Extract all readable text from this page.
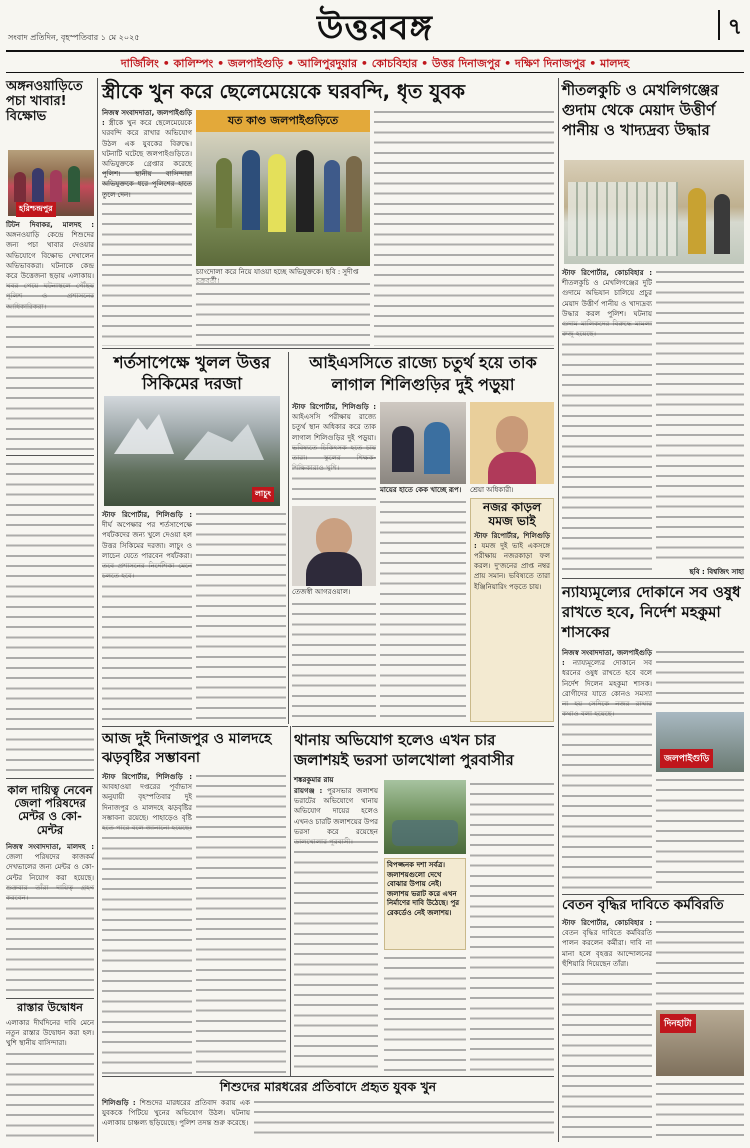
সংবাদ প্রতিদিন, বৃহস্পতিবার ১ মে ২০২৫	উত্তরবঙ্গ	৭
দার্জিলিং • কালিম্পং • জলপাইগুড়ি • আলিপুরদুয়ার • কোচবিহার • উত্তর দিনাজপুর • দক্ষিণ দিনাজপুর • মালদহ
অঙ্গনওয়াড়িতে পচা খাবার! বিক্ষোভ
হরিশ্চন্দ্রপুর
টিটন দিবাকর, মালদহ : অঙ্গনওয়াড়ি কেন্দ্রে শিশুদের জন্য পচা খাবার দেওয়ার অভিযোগে বিক্ষোভ দেখালেন অভিভাবকরা। ঘটনাকে কেন্দ্র করে উত্তেজনা ছড়ায় এলাকায়।
কাল দায়িত্ব নেবেন জেলা পরিষদের মেন্টর ও কো-মেন্টর
নিজস্ব সংবাদদাতা, মালদহ : জেলা পরিষদের কাজকর্ম দেখভালের জন্য মেন্টর ও কো-মেন্টর নিয়োগ করা হয়েছে।
রাস্তার উদ্বোধন
এলাকার দীর্ঘদিনের দাবি মেনে নতুন রাস্তার উদ্বোধন করা হল। খুশি স্থানীয় বাসিন্দারা।
স্ত্রীকে খুন করে ছেলেমেয়েকে ঘরবন্দি, ধৃত যুবক
নিজস্ব সংবাদদাতা, জলপাইগুড়ি : স্ত্রীকে খুন করে ছেলেমেয়েকে ঘরবন্দি করে রাখার অভিযোগ উঠল এক যুবকের বিরুদ্ধে। ঘটনাটি ঘটেছে জলপাইগুড়িতে। অভিযুক্তকে গ্রেপ্তার করেছে পুলিশ। স্থানীয় বাসিন্দারা অভিযুক্তকে ধরে পুলিশের হাতে তুলে দেন।
যত কাণ্ড জলপাইগুড়িতে
চ্যাংদোলা করে নিয়ে যাওয়া হচ্ছে অভিযুক্তকে। ছবি : সুদীপ্ত
শর্তসাপেক্ষে খুলল উত্তর সিকিমের দরজা
লাচুং
স্টাফ রিপোর্টার, শিলিগুড়ি : দীর্ঘ অপেক্ষার পর শর্তসাপেক্ষে পর্যটকদের জন্য খুলে দেওয়া হল উত্তর সিকিমের দরজা। লাচুং ও লাচেন যেতে পারবেন পর্যটকরা।
আইএসসিতে রাজ্যে চতুর্থ হয়ে তাক লাগাল শিলিগুড়ির দুই পড়ুয়া
স্টাফ রিপোর্টার, শিলিগুড়ি : আইএসসি পরীক্ষায় রাজ্যে চতুর্থ স্থান অধিকার করে তাক লাগাল শিলিগুড়ির দুই পড়ুয়া।
মায়ের হাতে কেক খাচ্ছে রূপ।	শ্রেয়া অধিকারী।
তেজস্বী আগরওয়াল।
নজর কাড়ল যমজ ভাই
স্টাফ রিপোর্টার, শিলিগুড়ি : যমজ দুই ভাই একসঙ্গে পরীক্ষায় নজরকাড়া ফল করল। দু'জনের প্রাপ্ত নম্বর প্রায় সমান। ভবিষ্যতে তারা ইঞ্জিনিয়ারিং পড়তে চায়।
আজ দুই দিনাজপুর ও মালদহে ঝড়বৃষ্টির সম্ভাবনা
স্টাফ রিপোর্টার, শিলিগুড়ি : আবহাওয়া দপ্তরের পূর্বাভাস অনুযায়ী বৃহস্পতিবার দুই দিনাজপুর ও মালদহে ঝড়বৃষ্টির সম্ভাবনা রয়েছে। পাহাড়েও বৃষ্টি
থানায় অভিযোগ হলেও এখন চার জলাশয়ই ভরসা ডালখোলা পুরবাসীর
শঙ্করকুমার রায়
রায়গঞ্জ : পুরসভার জলাশয় ভরাটের অভিযোগে থানায় অভিযোগ দায়ের হলেও এখনও চারটি জলাশয়ের উপর ভরসা করে রয়েছেন
বিপজ্জনক দশা সর্বত্র। জলাশয়গুলো দেখে বোঝার উপায় নেই। জলাশয় ভরাট করে এখন নির্মাণের দাবি উঠেছে। পুর রেকর্ডেও নেই জলাশয়।
শিশুদের মারধরের প্রতিবাদে প্রহৃত যুবক খুন
শিলিগুড়ি : শিশুদের মারধরের প্রতিবাদ করায় এক যুবককে পিটিয়ে খুনের অভিযোগ উঠল। ঘটনায় এলাকায় চাঞ্চল্য ছড়িয়েছে। পুলিশ তদন্ত শুরু করেছে।
শীতলকুচি ও মেখলিগঞ্জের গুদাম থেকে মেয়াদ উত্তীর্ণ পানীয় ও খাদ্যদ্রব্য উদ্ধার
স্টাফ রিপোর্টার, কোচবিহার : শীতলকুচি ও মেখলিগঞ্জের দুটি গুদামে অভিযান চালিয়ে প্রচুর মেয়াদ উত্তীর্ণ পানীয় ও খাদ্যদ্রব্য উদ্ধার করল পুলিশ। ঘটনায়
ছবি : বিশ্বজিৎ সাহা
ন্যায্যমূল্যের দোকানে সব ওষুধ রাখতে হবে, নির্দেশ মহকুমা শাসকের
নিজস্ব সংবাদদাতা, জলপাইগুড়ি : ন্যায্যমূল্যের দোকানে সব ধরনের ওষুধ রাখতে হবে বলে নির্দেশ দিলেন মহকুমা শাসক। রোগীদের যাতে কোনও সমস্যা
জলপাইগুড়ি
বেতন বৃদ্ধির দাবিতে কর্মবিরতি
স্টাফ রিপোর্টার, কোচবিহার : বেতন বৃদ্ধির দাবিতে কর্মবিরতি পালন করলেন কর্মীরা। দাবি না মানা হলে বৃহত্তর আন্দোলনের হুঁশিয়ারি দিয়েছেন তাঁরা।
দিনহাটা
